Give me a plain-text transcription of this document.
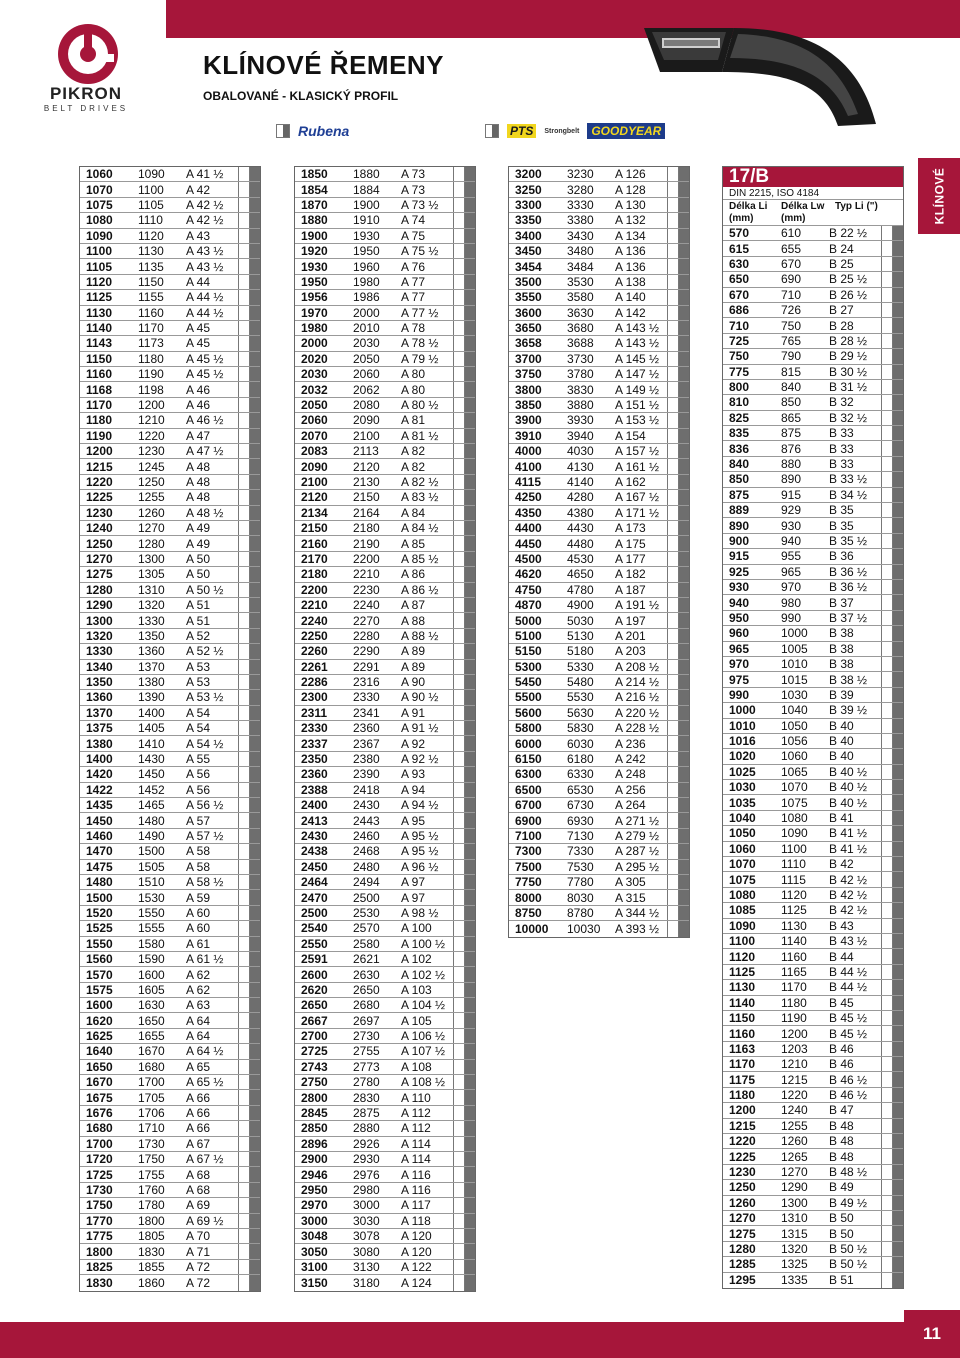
PIKRON
BELT DRIVES
KLÍNOVÉ ŘEMENY
OBALOVANÉ - KLASICKÝ PROFIL
Rubena	PTS	Strongbelt	GOODYEAR
1060	1090	A 41 ½
1070	1100	A 42
1075	1105	A 42 ½
1080	1110	A 42 ½
1090	1120	A 43
1100	1130	A 43 ½
1105	1135	A 43 ½
1120	1150	A 44
1125	1155	A 44 ½
1130	1160	A 44 ½
1140	1170	A 45
1143	1173	A 45
1150	1180	A 45 ½
1160	1190	A 45 ½
1168	1198	A 46
1170	1200	A 46
1180	1210	A 46 ½
1190	1220	A 47
1200	1230	A 47 ½
1215	1245	A 48
1220	1250	A 48
1225	1255	A 48
1230	1260	A 48 ½
1240	1270	A 49
1250	1280	A 49
1270	1300	A 50
1275	1305	A 50
1280	1310	A 50 ½
1290	1320	A 51
1300	1330	A 51
1320	1350	A 52
1330	1360	A 52 ½
1340	1370	A 53
1350	1380	A 53
1360	1390	A 53 ½
1370	1400	A 54
1375	1405	A 54
1380	1410	A 54 ½
1400	1430	A 55
1420	1450	A 56
1422	1452	A 56
1435	1465	A 56 ½
1450	1480	A 57
1460	1490	A 57 ½
1470	1500	A 58
1475	1505	A 58
1480	1510	A 58 ½
1500	1530	A 59
1520	1550	A 60
1525	1555	A 60
1550	1580	A 61
1560	1590	A 61 ½
1570	1600	A 62
1575	1605	A 62
1600	1630	A 63
1620	1650	A 64
1625	1655	A 64
1640	1670	A 64 ½
1650	1680	A 65
1670	1700	A 65 ½
1675	1705	A 66
1676	1706	A 66
1680	1710	A 66
1700	1730	A 67
1720	1750	A 67 ½
1725	1755	A 68
1730	1760	A 68
1750	1780	A 69
1770	1800	A 69 ½
1775	1805	A 70
1800	1830	A 71
1825	1855	A 72
1830	1860	A 72
1850	1880	A 73
1854	1884	A 73
1870	1900	A 73 ½
1880	1910	A 74
1900	1930	A 75
1920	1950	A 75 ½
1930	1960	A 76
1950	1980	A 77
1956	1986	A 77
1970	2000	A 77 ½
1980	2010	A 78
2000	2030	A 78 ½
2020	2050	A 79 ½
2030	2060	A 80
2032	2062	A 80
2050	2080	A 80 ½
2060	2090	A 81
2070	2100	A 81 ½
2083	2113	A 82
2090	2120	A 82
2100	2130	A 82 ½
2120	2150	A 83 ½
2134	2164	A 84
2150	2180	A 84 ½
2160	2190	A 85
2170	2200	A 85 ½
2180	2210	A 86
2200	2230	A 86 ½
2210	2240	A 87
2240	2270	A 88
2250	2280	A 88 ½
2260	2290	A 89
2261	2291	A 89
2286	2316	A 90
2300	2330	A 90 ½
2311	2341	A 91
2330	2360	A 91 ½
2337	2367	A 92
2350	2380	A 92 ½
2360	2390	A 93
2388	2418	A 94
2400	2430	A 94 ½
2413	2443	A 95
2430	2460	A 95 ½
2438	2468	A 95 ½
2450	2480	A 96 ½
2464	2494	A 97
2470	2500	A 97
2500	2530	A 98 ½
2540	2570	A 100
2550	2580	A 100 ½
2591	2621	A 102
2600	2630	A 102 ½
2620	2650	A 103
2650	2680	A 104 ½
2667	2697	A 105
2700	2730	A 106 ½
2725	2755	A 107 ½
2743	2773	A 108
2750	2780	A 108 ½
2800	2830	A 110
2845	2875	A 112
2850	2880	A 112
2896	2926	A 114
2900	2930	A 114
2946	2976	A 116
2950	2980	A 116
2970	3000	A 117
3000	3030	A 118
3048	3078	A 120
3050	3080	A 120
3100	3130	A 122
3150	3180	A 124
3200	3230	A 126
3250	3280	A 128
3300	3330	A 130
3350	3380	A 132
3400	3430	A 134
3450	3480	A 136
3454	3484	A 136
3500	3530	A 138
3550	3580	A 140
3600	3630	A 142
3650	3680	A 143 ½
3658	3688	A 143 ½
3700	3730	A 145 ½
3750	3780	A 147 ½
3800	3830	A 149 ½
3850	3880	A 151 ½
3900	3930	A 153 ½
3910	3940	A 154
4000	4030	A 157 ½
4100	4130	A 161 ½
4115	4140	A 162
4250	4280	A 167 ½
4350	4380	A 171 ½
4400	4430	A 173
4450	4480	A 175
4500	4530	A 177
4620	4650	A 182
4750	4780	A 187
4870	4900	A 191 ½
5000	5030	A 197
5100	5130	A 201
5150	5180	A 203
5300	5330	A 208 ½
5450	5480	A 214 ½
5500	5530	A 216 ½
5600	5630	A 220 ½
5800	5830	A 228 ½
6000	6030	A 236
6150	6180	A 242
6300	6330	A 248
6500	6530	A 256
6700	6730	A 264
6900	6930	A 271 ½
7100	7130	A 279 ½
7300	7330	A 287 ½
7500	7530	A 295 ½
7750	7780	A 305
8000	8030	A 315
8750	8780	A 344 ½
10000	10030	A 393 ½
17/B
DIN 2215, ISO 4184
Délka Li (mm)
Délka Lw (mm)
Typ Li (")
570	610	B 22 ½
615	655	B 24
630	670	B 25
650	690	B 25 ½
670	710	B 26 ½
686	726	B 27
710	750	B 28
725	765	B 28 ½
750	790	B 29 ½
775	815	B 30 ½
800	840	B 31 ½
810	850	B 32
825	865	B 32 ½
835	875	B 33
836	876	B 33
840	880	B 33
850	890	B 33 ½
875	915	B 34 ½
889	929	B 35
890	930	B 35
900	940	B 35 ½
915	955	B 36
925	965	B 36 ½
930	970	B 36 ½
940	980	B 37
950	990	B 37 ½
960	1000	B 38
965	1005	B 38
970	1010	B 38
975	1015	B 38 ½
990	1030	B 39
1000	1040	B 39 ½
1010	1050	B 40
1016	1056	B 40
1020	1060	B 40
1025	1065	B 40 ½
1030	1070	B 40 ½
1035	1075	B 40 ½
1040	1080	B 41
1050	1090	B 41 ½
1060	1100	B 41 ½
1070	1110	B 42
1075	1115	B 42 ½
1080	1120	B 42 ½
1085	1125	B 42 ½
1090	1130	B 43
1100	1140	B 43 ½
1120	1160	B 44
1125	1165	B 44 ½
1130	1170	B 44 ½
1140	1180	B 45
1150	1190	B 45 ½
1160	1200	B 45 ½
1163	1203	B 46
1170	1210	B 46
1175	1215	B 46 ½
1180	1220	B 46 ½
1200	1240	B 47
1215	1255	B 48
1220	1260	B 48
1225	1265	B 48
1230	1270	B 48 ½
1250	1290	B 49
1260	1300	B 49 ½
1270	1310	B 50
1275	1315	B 50
1280	1320	B 50 ½
1285	1325	B 50 ½
1295	1335	B 51
KLÍNOVÉ
11
